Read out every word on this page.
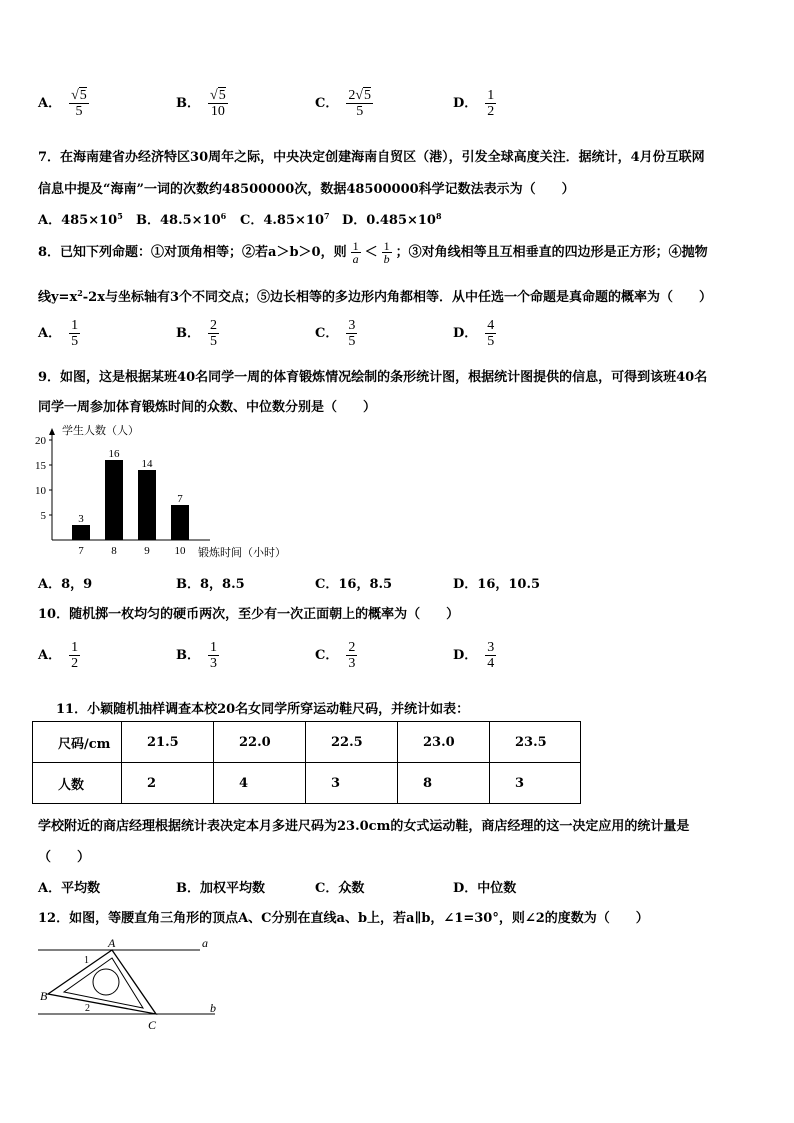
A． $\frac{√5}{5}$	B． $\frac{√5}{10}$	C． $\frac{2√5}{5}$	D． $\frac{1}{2}$
7．在海南建省办经济特区30周年之际，中央决定创建海南自贸区（港），引发全球高度关注．据统计，4月份互联网
信息中提及“海南”一词的次数约48500000次，数据48500000科学记数法表示为（　　）
A．$485\times 10^5$ B．$48.5\times 10^6$ C．$4.85\times 10^7$ D．$0.485\times 10^8$
8．已知下列命题：①对顶角相等；②若a＞b＞0，则 $\frac{1}{a} < \frac{1}{b}$ ；③对角线相等且互相垂直的四边形是正方形；④抛物
线$y=x^2-2x$与坐标轴有3个不同交点；⑤边长相等的多边形内角都相等．从中任选一个命题是真命题的概率为（　　）
A． $\frac{1}{5}$	B． $\frac{2}{5}$	C． $\frac{3}{5}$	D． $\frac{4}{5}$
9．如图，这是根据某班40名同学一周的体育锻炼情况绘制的条形统计图，根据统计图提供的信息，可得到该班40名
同学一周参加体育锻炼时间的众数、中位数分别是（　　）
学生人数（人）
5
10
15
20
3
7
16
8
14
9
7
10 锻炼时间（小时）
A．8，9	B．8，8.5	C．16，8.5	D．16，10.5
10．随机掷一枚均匀的硬币两次，至少有一次正面朝上的概率为（　　）
A． $\frac{1}{2}$	B． $\frac{1}{3}$	C． $\frac{2}{3}$	D． $\frac{3}{4}$
11．小颖随机抽样调查本校20名女同学所穿运动鞋尺码，并统计如表：
尺码/cm	21.5	22.0	22.5	23.0	23.5
人数	2	4	3	8	3
学校附近的商店经理根据统计表决定本月多进尺码为23.0cm的女式运动鞋，商店经理的这一决定应用的统计量是
（　　）
A．平均数	B．加权平均数	C．众数	D．中位数
12．如图，等腰直角三角形的顶点A、C分别在直线a、b上，若a∥b，∠1=30°，则∠2的度数为（　　）
A
B
C
a
b
1
2
